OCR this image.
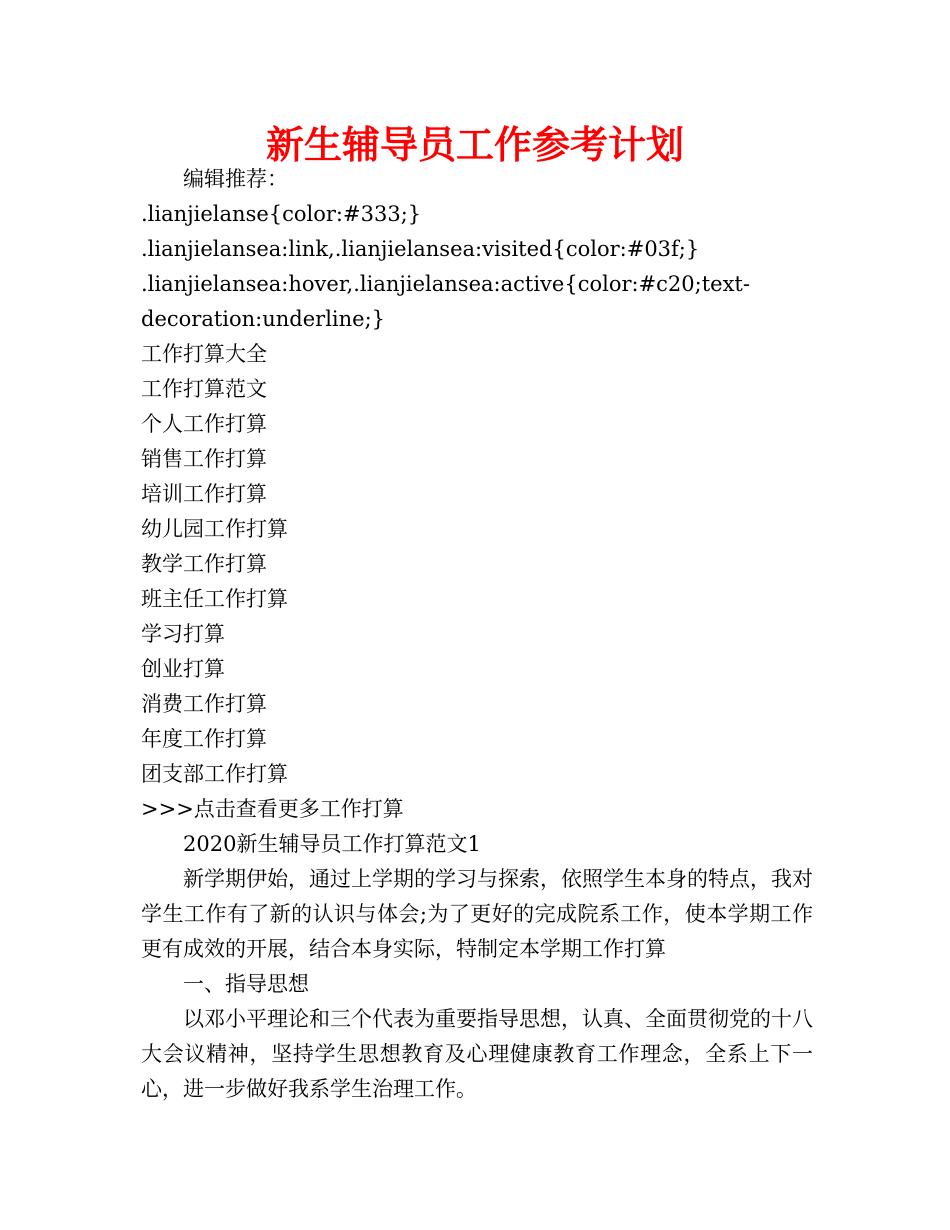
新生辅导员工作参考计划
编辑推荐：
.lianjielanse{color:#333;}
.lianjielansea:link,.lianjielansea:visited{color:#03f;}
.lianjielansea:hover,.lianjielansea:active{color:#c20;text-
decoration:underline;}
工作打算大全
工作打算范文
个人工作打算
销售工作打算
培训工作打算
幼儿园工作打算
教学工作打算
班主任工作打算
学习打算
创业打算
消费工作打算
年度工作打算
团支部工作打算
>>>点击查看更多工作打算
2020新生辅导员工作打算范文1
新学期伊始，通过上学期的学习与探索，依照学生本身的特点，我对学生工作有了新的认识与体会;为了更好的完成院系工作，使本学期工作更有成效的开展，结合本身实际，特制定本学期工作打算
一、指导思想
以邓小平理论和三个代表为重要指导思想，认真、全面贯彻党的十八大会议精神，坚持学生思想教育及心理健康教育工作理念，全系上下一心，进一步做好我系学生治理工作。
